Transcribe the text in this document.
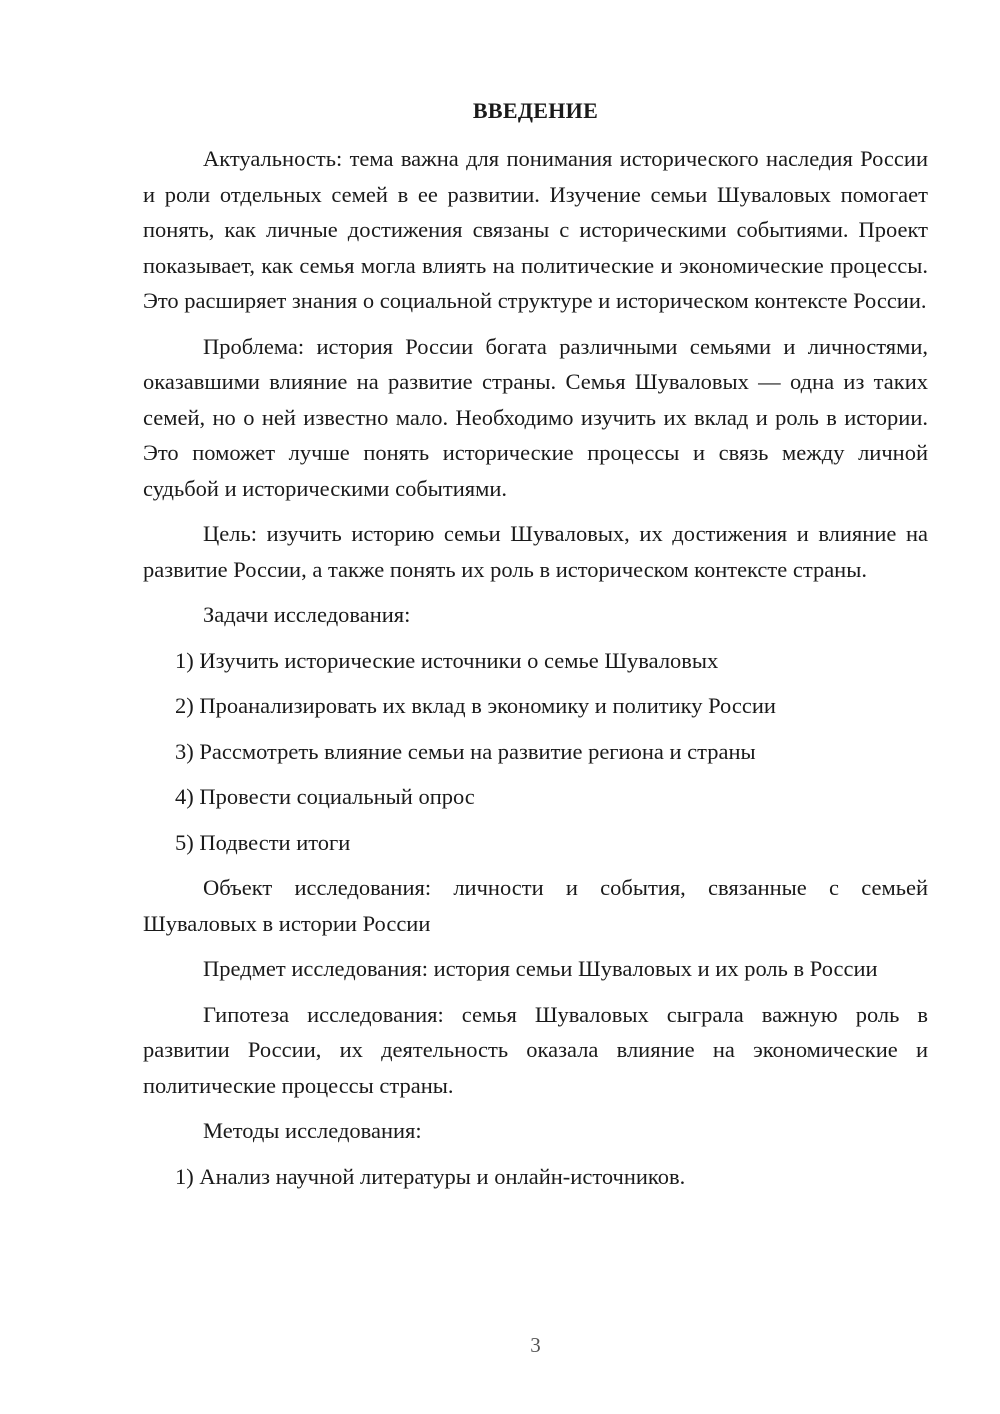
ВВЕДЕНИЕ

Актуальность: тема важна для понимания исторического наследия России и роли отдельных семей в ее развитии. Изучение семьи Шуваловых помогает понять, как личные достижения связаны с историческими событиями. Проект показывает, как семья могла влиять на политические и экономические процессы. Это расширяет знания о социальной структуре и историческом контексте России.

Проблема: история России богата различными семьями и личностями, оказавшими влияние на развитие страны. Семья Шуваловых — одна из таких семей, но о ней известно мало. Необходимо изучить их вклад и роль в истории. Это поможет лучше понять исторические процессы и связь между личной судьбой и историческими событиями.

Цель: изучить историю семьи Шуваловых, их достижения и влияние на развитие России, а также понять их роль в историческом контексте страны.

Задачи исследования:

1) Изучить исторические источники о семье Шуваловых

2) Проанализировать их вклад в экономику и политику России

3) Рассмотреть влияние семьи на развитие региона и страны

4) Провести социальный опрос

5) Подвести итоги

Объект исследования: личности и события, связанные с семьей Шуваловых в истории России

Предмет исследования: история семьи Шуваловых и их роль в России

Гипотеза исследования: семья Шуваловых сыграла важную роль в развитии России, их деятельность оказала влияние на экономические и политические процессы страны.

Методы исследования:

1) Анализ научной литературы и онлайн-источников.

3
